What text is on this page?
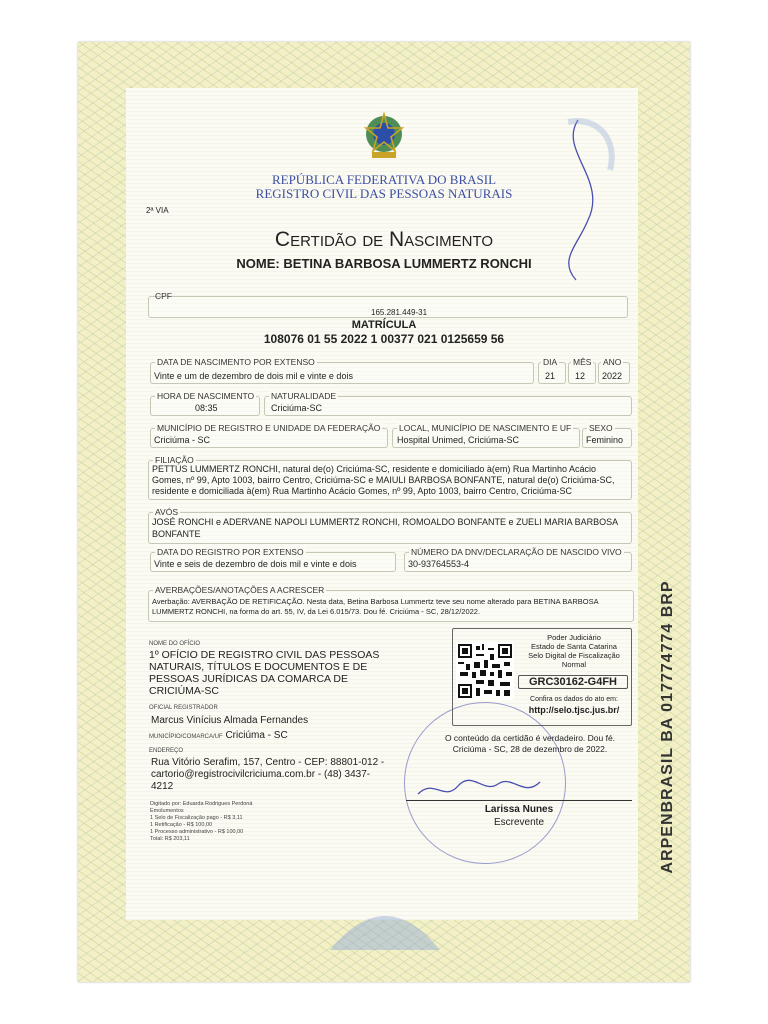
REPÚBLICA FEDERATIVA DO BRASIL
REGISTRO CIVIL DAS PESSOAS NATURAIS
2ª VIA
Certidão de Nascimento
NOME: BETINA BARBOSA LUMMERTZ RONCHI
CPF
165.281.449-31
MATRÍCULA
108076 01 55 2022 1 00377 021 0125659 56
DATA DE NASCIMENTO POR EXTENSO
Vinte e um de dezembro de dois mil e vinte e dois
DIA
21
MÊS
12
ANO
2022
HORA DE NASCIMENTO
08:35
NATURALIDADE
Criciúma-SC
MUNICÍPIO DE REGISTRO E UNIDADE DA FEDERAÇÃO
Criciúma - SC
LOCAL, MUNICÍPIO DE NASCIMENTO E UF
Hospital Unimed, Criciúma-SC
SEXO
Feminino
FILIAÇÃO
PETTUS LUMMERTZ RONCHI, natural de(o) Criciúma-SC, residente e domiciliado à(em) Rua Martinho Acácio
Gomes, nº 99, Apto 1003, bairro Centro, Criciúma-SC e MAIULI BARBOSA BONFANTE, natural de(o) Criciúma-SC,
residente e domiciliada à(em) Rua Martinho Acácio Gomes, nº 99, Apto 1003, bairro Centro, Criciúma-SC
AVÓS
JOSÉ RONCHI e ADERVANE NAPOLI LUMMERTZ RONCHI, ROMOALDO BONFANTE e ZUELI MARIA BARBOSA
BONFANTE
DATA DO REGISTRO POR EXTENSO
Vinte e seis de dezembro de dois mil e vinte e dois
NÚMERO DA DNV/DECLARAÇÃO DE NASCIDO VIVO
30-93764553-4
AVERBAÇÕES/ANOTAÇÕES A ACRESCER
Averbação: AVERBAÇÃO DE RETIFICAÇÃO. Nesta data, Betina Barbosa Lummertz teve seu nome alterado para BETINA BARBOSA
LUMMERTZ RONCHI, na forma do art. 55, IV, da Lei 6.015/73. Dou fé. Criciúma - SC, 28/12/2022.
NOME DO OFÍCIO
1º OFÍCIO DE REGISTRO CIVIL DAS PESSOAS
NATURAIS, TÍTULOS E DOCUMENTOS E DE
PESSOAS JURÍDICAS DA COMARCA DE
CRICIÚMA-SC
OFICIAL REGISTRADOR
Marcus Vinícius Almada Fernandes
MUNICÍPIO/COMARCA/UF Criciúma - SC
ENDEREÇO
Rua Vitório Serafim, 157, Centro - CEP: 88801-012 -
cartorio@registrocivilcriciuma.com.br - (48) 3437-
4212
Digitado por: Eduarda Rodrigues Perdoná
Emolumentos
1 Selo de Fiscalização pago - R$ 3,11
1 Retificação - R$ 100,00
1 Processo administrativo - R$ 100,00
Total: R$ 203,11
Poder Judiciário
Estado de Santa Catarina
Selo Digital de Fiscalização
Normal
GRC30162-G4FH
Confira os dados do ato em:
http://selo.tjsc.jus.br/
O conteúdo da certidão é verdadeiro. Dou fé.
Criciúma - SC, 28 de dezembro de 2022.
Larissa Nunes
Escrevente	ARPENBRASIL BA 017774774 BRP
